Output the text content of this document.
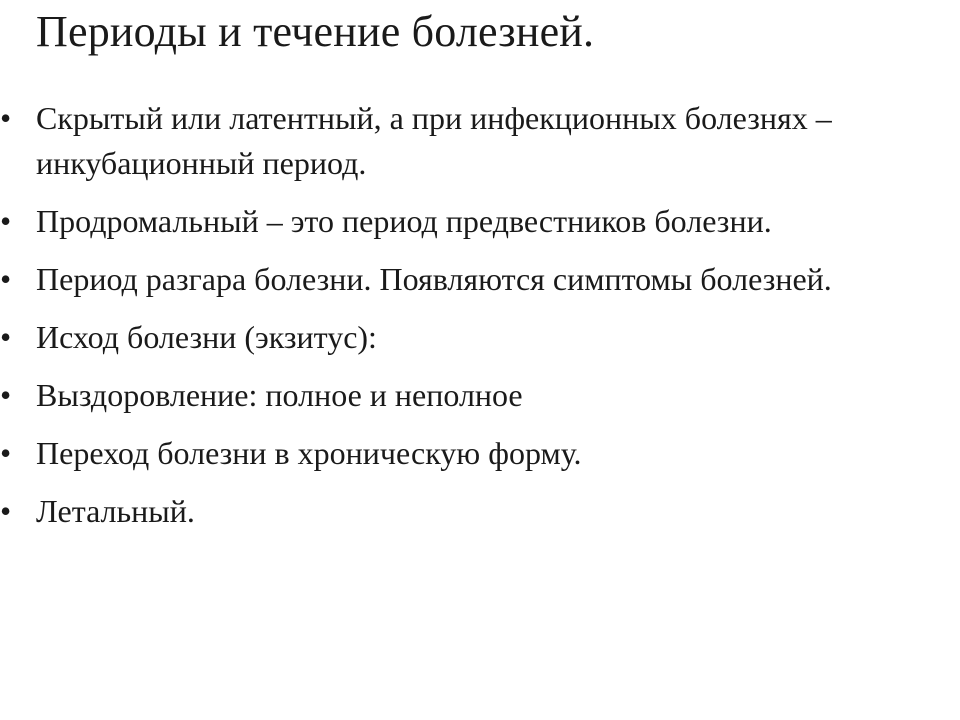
Периоды и течение болезней.
• Скрытый или латентный, а при инфекционных болезнях – инкубационный период.
• Продромальный – это период предвестников болезни.
• Период разгара болезни. Появляются симптомы болезней.
• Исход болезни (экзитус):
• Выздоровление: полное и неполное
• Переход болезни в хроническую форму.
• Летальный.
